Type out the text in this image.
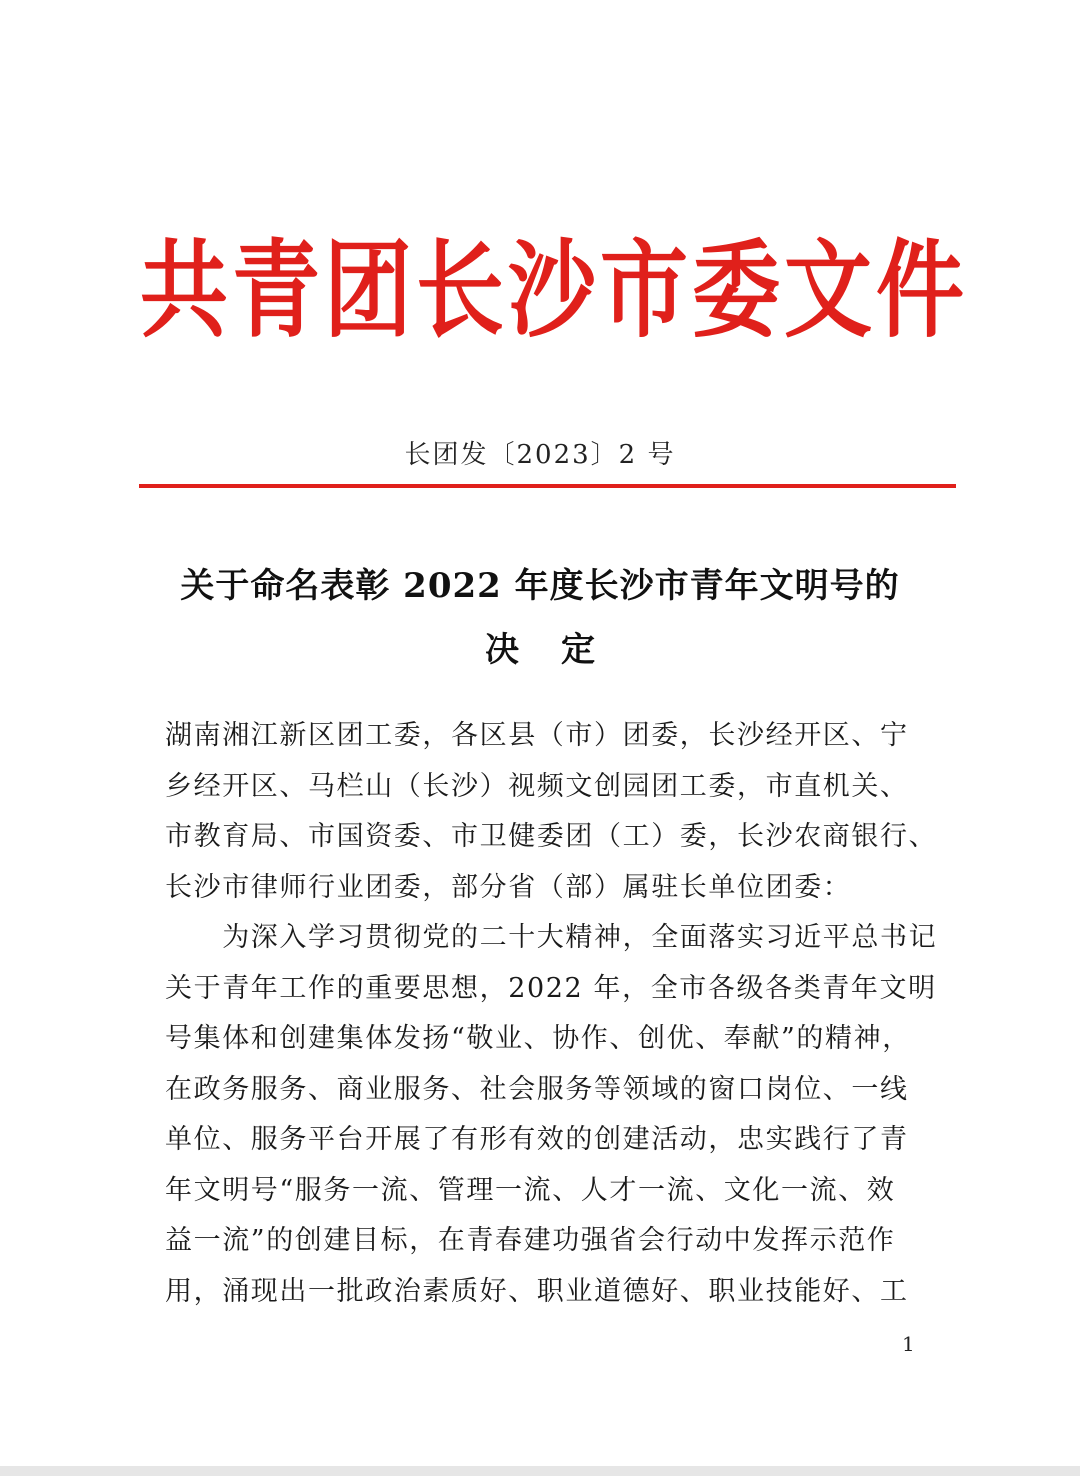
共青团长沙市委文件
长团发〔2023〕2 号
关于命名表彰 2022 年度长沙市青年文明号的
决定
湖南湘江新区团工委，各区县（市）团委，长沙经开区、宁
乡经开区、马栏山（长沙）视频文创园团工委，市直机关、
市教育局、市国资委、市卫健委团（工）委，长沙农商银行、
长沙市律师行业团委，部分省（部）属驻长单位团委：
　　为深入学习贯彻党的二十大精神，全面落实习近平总书记
关于青年工作的重要思想，2022 年，全市各级各类青年文明
号集体和创建集体发扬“敬业、协作、创优、奉献”的精神，
在政务服务、商业服务、社会服务等领域的窗口岗位、一线
单位、服务平台开展了有形有效的创建活动，忠实践行了青
年文明号“服务一流、管理一流、人才一流、文化一流、效
益一流”的创建目标，在青春建功强省会行动中发挥示范作
用，涌现出一批政治素质好、职业道德好、职业技能好、工
1
